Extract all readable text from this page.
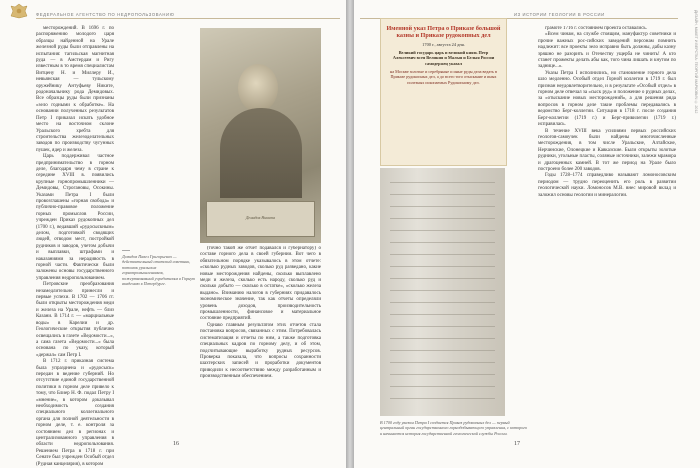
ФЕДЕРАЛЬНОЕ АГЕНТСТВО ПО НЕДРОПОЛЬЗОВАНИЮ

месторождений. В 1696 г. по распоряжению молодого царя образцы найденной на Урале железной руды были отправлены на испытания: тагильская магнитная руда — в Амстердам и Ригу известным в то время специалистам Витцену Н. и Миллеру И., невьянская — тульскому оружейнику Антуфьеву Никите, родоначальнику рода Демидовых. Все образцы руды были признаны «зело годными к обработке». На основании полученных результатов Петр I приказал искать удобное место на восточном склоне Уральского хребта для строительства железоделательных заводов по производству чугунных пушек, ядер и железа.

Царь поддерживал частное предпринимательство в горном деле, благодаря чему в стране к середине XVIII в. появились крупные горнопромышленники — Демидовы, Строгановы, Осокины. Указами Петра I были провозглашены «горная свобода» и публично-правовое положение горных промыслов России, учрежден Приказ рудокопных дел (1700 г.), ведавший «рудосыскным» делом, подготовкой сводящих людей, отводом мест, постройкой рудников и заводов, учетом добычи и выплавки, штрафами и наказаниями за нерадивость в горной части. Фактически были заложены основы государственного управления недропользованием.

Петровские преобразования незамедлительно принесли и первые успехи. В 1702 — 1706 гг. были открыты месторождения меди и железа на Урале, нефть — близ Казани. В 1714 г. — «марциальные воды» в Карелии и др. Геологические открытия публично освещались в газете «Ведомости...», а сама газета «Ведомости...» была основана по указу, который «держал» сам Петр I.

В 1712 г. приказная система была упразднена и «рудосыск» передан в ведение губерний. Но отсутствие единой государственной политики в горном деле привело к тому, что Блиер Н. Ф. подал Петру I «мнение», в котором доказывал необходимость создания специального коллегиального органа для полной деятельности в горном деле, т. е. контроля за состоянием дел в регионах и централизованного управления в области недропользования. Решением Петра в 1718 г. при Сенате был учрежден Особый отдел (Рудная канцелярия), в котором

(точно такой же отчет подавался и губернатору) о составе горного дела в своей губернии. Вот чего в обязательном порядке указывалось в этом отчете: «сколько рудных заводов, сколько руд разведано, какие новые месторождения найдены, сколько выплавлено меди и железа, сколько есть народу, сколько руд и сколько добыто — сколько в остатке», «сколько железа выдано». Взиманию налогов в губерниях придавалось экономическое значение, так как отчеты определяли уровень доходов, производительность промышленности, финансовое и материальное состояние предприятий.

Однако главным результатом этих отчетов стала постановка вопросов, связанных с этим. Потребовалась систематизация и отчеты по ним, а также подготовка специальных кадров по горному делу, и об этом, подсчитывающие выработку рудных ресурсов. Проверка показала, что вопросы сохранности шахтерских записей и проработки документов приводили к несоответствию между разработанным и производственным обеспечением.

Демидов Никита
Демидов Павел Григорьевич — действительный статский советник, потомок уральских горнопромышленников, пожертвовавший учредителям в Горную академию в Петербурге.
16
ИЗ ИСТОРИИ ГЕОЛОГИИ В РОССИИ

грамоте 1716 г. состоянием проекта оставались.

«Всем чинам, на службе стоящим, мануфактур советники и прочие важных рос-сийских заведений персонам помнить надлежит: все проекты зело исправно быть должны, дабы казну зряшно не разорить и Отечеству ущерба не чинить! А кто станет прожекты делать абы как, того чина лишать и кнутом по заднице...».

Указы Петра I исполнились, но становление горного дела шло медленно. Особый отдел Горной коллегии в 1719 г. был признан неудовлетворительно, и в результате «Особый отдел» в горном деле отвечал за «сыск руд» и положение о рудных делах, за «отыскание новых месторождений», а для решения ряда вопросов в горном деле такие проблемы передавались в ведомство Берг-коллегии. Ситуация в 1718 г. после создания Берг-коллегии (1719 г.) и Берг-привилегии (1719 г.) исправилась.

В течение XVIII века усилиями первых российских геологов-самоучек были найдены многочисленные месторождения, в том числе Уральские, Алтайские, Нерчинские, Олонецкие и Кавказские. Были открыты золотые рудники, угольные пласты, соляные источники, залежи мрамора и драгоценных камней. В тот же период на Урале было построено более 200 заводов.

Годы 1728–1774 справедливо называют ломоносовским периодом — трудно переоценить его роль в развитии геологической науки. Ломоносов М.В. внес мировой вклад и заложил основы геологии и минералогии.

В 1700 году указом Петра I создается Приказ рудокопных дел — первый центральный орган государственного горнодобывающего управления, с которого и начинается история государственной геологической службы России.
17
ДИЗАЙН, МАКЕТ И ВЕРСТКА: ГЕОРГИЙ МАРКОВИЧ © 2012
Именной указ Петра о Приказе большой казны и Приказе рудокопных дел
1700 г., августа 24 дня.
Великий государь царь и великий князь Петр Алексеевич всея Великия и Малыя и Белыя России самодержец указал
на Москве золотые и серебряные и иные руды дела ведать в Приказе рудокопных дел, а до всего того отыскание и иных полезных ископаемых Рудокопному дел.
